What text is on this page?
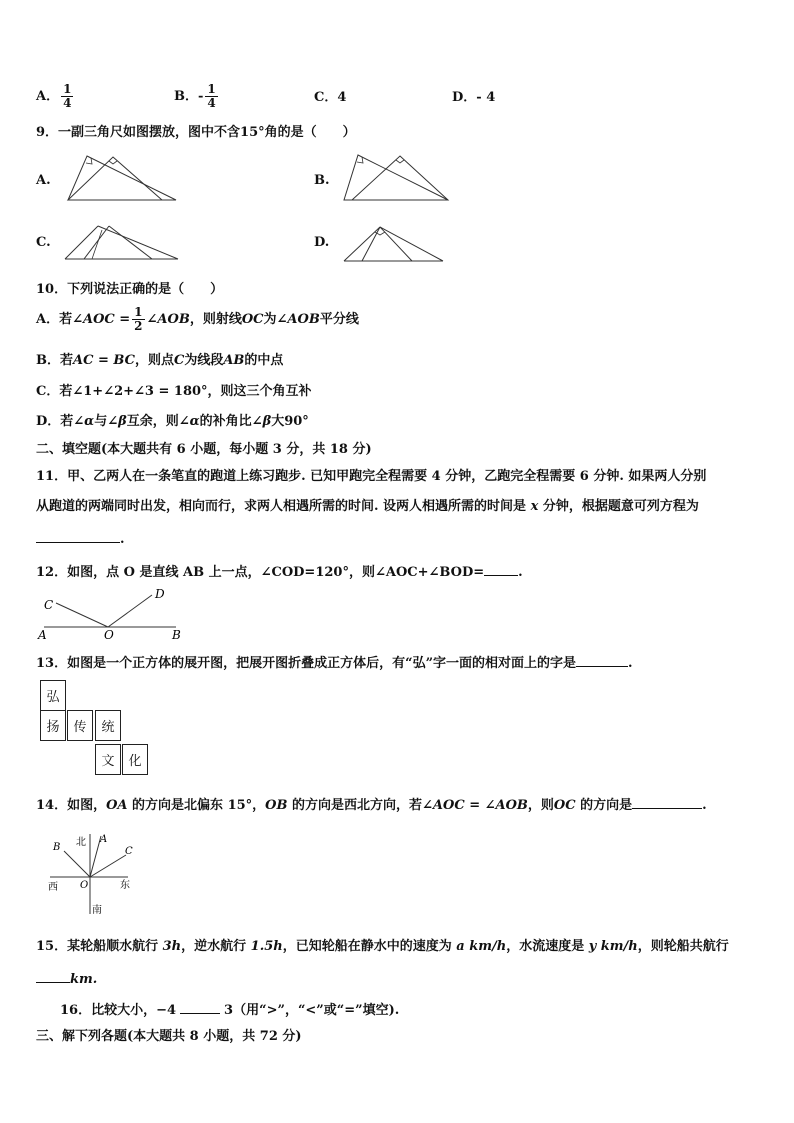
A． $\frac{1}{4}$	B．- $\frac{1}{4}$	C．4	D．- 4
9．一副三角尺如图摆放，图中不含15°角的是（　　）
A.	B.
C.	D.
10．下列说法正确的是（　　）
A．若∠AOC = $\frac{1}{2}$ ∠AOB，则射线OC为∠AOB平分线
B．若AC = BC，则点C为线段AB的中点
C．若∠1+∠2+∠3 = 180°，则这三个角互补
D．若∠α与∠β互余，则∠α的补角比∠β大90°
二、填空题(本大题共有 6 小题，每小题 3 分，共 18 分)
11．甲、乙两人在一条笔直的跑道上练习跑步. 已知甲跑完全程需要 4 分钟，乙跑完全程需要 6 分钟. 如果两人分别
从跑道的两端同时出发，相向而行，求两人相遇所需的时间. 设两人相遇所需的时间是 x 分钟，根据题意可列方程为
.
12．如图，点 O 是直线 AB 上一点，∠COD=120°，则∠AOC+∠BOD=	.
C
D
A	O	B
13．如图是一个正方体的展开图，把展开图折叠成正方体后，有“弘”字一面的相对面上的字是	.
弘
扬	传	统
文	化
14．如图，OA 的方向是北偏东 15°，OB 的方向是西北方向，若∠AOC = ∠AOB，则OC 的方向是	.
北 A
B	C
西 O	东
南
15．某轮船顺水航行 3h，逆水航行 1.5h，已知轮船在静水中的速度为 a km/h，水流速度是 y km/h，则轮船共航行
km.
16．比较大小，−4	3（用“>”，“<”或“=”填空).
三、解下列各题(本大题共 8 小题，共 72 分)
